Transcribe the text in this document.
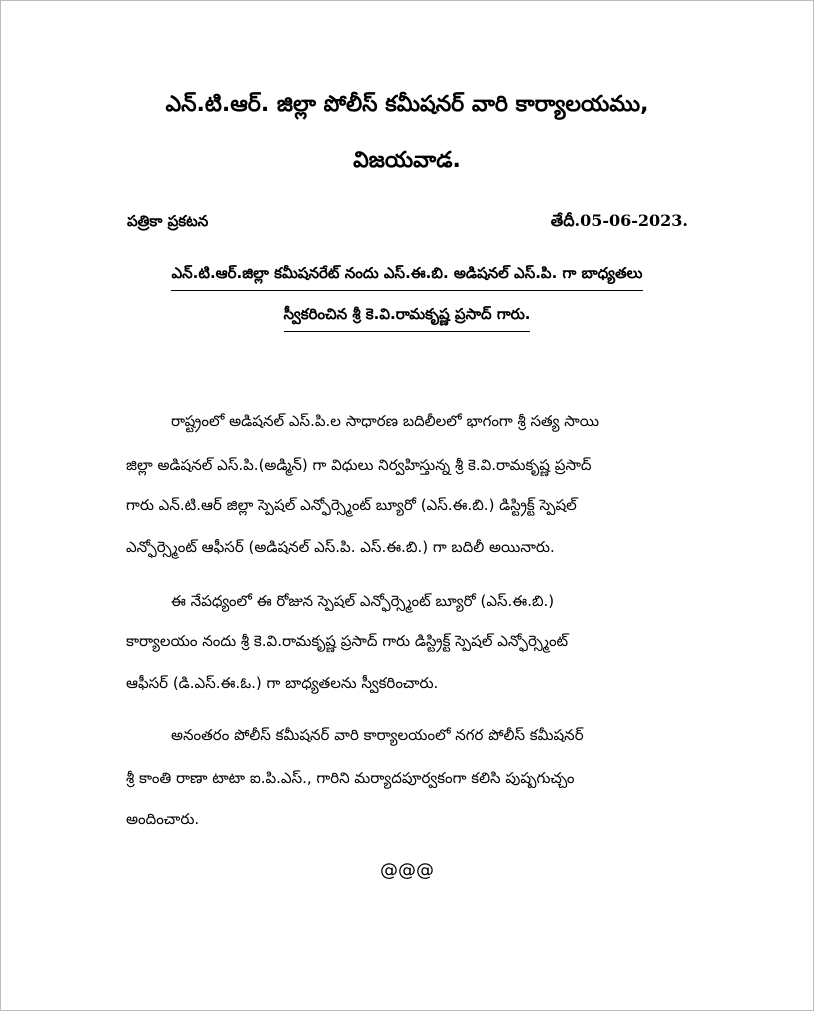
ఎన్.టి.ఆర్. జిల్లా పోలీస్ కమీషనర్ వారి కార్యాలయము,
విజయవాడ.
పత్రికా ప్రకటన	తేదీ.05-06-2023.
ఎన్.టి.ఆర్.జిల్లా కమీషనరేట్ నందు ఎస్.ఈ.బి. అడిషనల్ ఎస్.పి. గా బాధ్యతలు
స్వీకరించిన శ్రీ కె.వి.రామకృష్ణ ప్రసాద్ గారు.
రాష్ట్రంలో అడిషనల్ ఎస్.పి.ల సాధారణ బదిలీలలో భాగంగా శ్రీ సత్య సాయి
జిల్లా అడిషనల్ ఎస్.పి.(అడ్మిన్) గా విధులు నిర్వహిస్తున్న శ్రీ కె.వి.రామకృష్ణ ప్రసాద్
గారు ఎన్.టి.ఆర్ జిల్లా స్పెషల్ ఎన్ఫోర్స్మెంట్ బ్యూరో (ఎస్.ఈ.బి.) డిస్ట్రిక్ట్ స్పెషల్
ఎన్ఫోర్స్మెంట్ ఆఫీసర్ (అడిషనల్ ఎస్.పి. ఎస్.ఈ.బి.) గా బదిలీ అయినారు.
ఈ నేపధ్యంలో ఈ రోజున స్పెషల్ ఎన్ఫోర్స్మెంట్ బ్యూరో (ఎస్.ఈ.బి.)
కార్యాలయం నందు శ్రీ కె.వి.రామకృష్ణ ప్రసాద్ గారు డిస్ట్రిక్ట్ స్పెషల్ ఎన్ఫోర్స్మెంట్
ఆఫీసర్ (డి.ఎస్.ఈ.ఓ.) గా బాధ్యతలను స్వీకరించారు.
అనంతరం పోలీస్ కమీషనర్ వారి కార్యాలయంలో నగర పోలీస్ కమీషనర్
శ్రీ కాంతి రాణా టాటా ఐ.పి.ఎస్., గారిని మర్యాదపూర్వకంగా కలిసి పుష్పగుచ్చం
అందించారు.
@@@
